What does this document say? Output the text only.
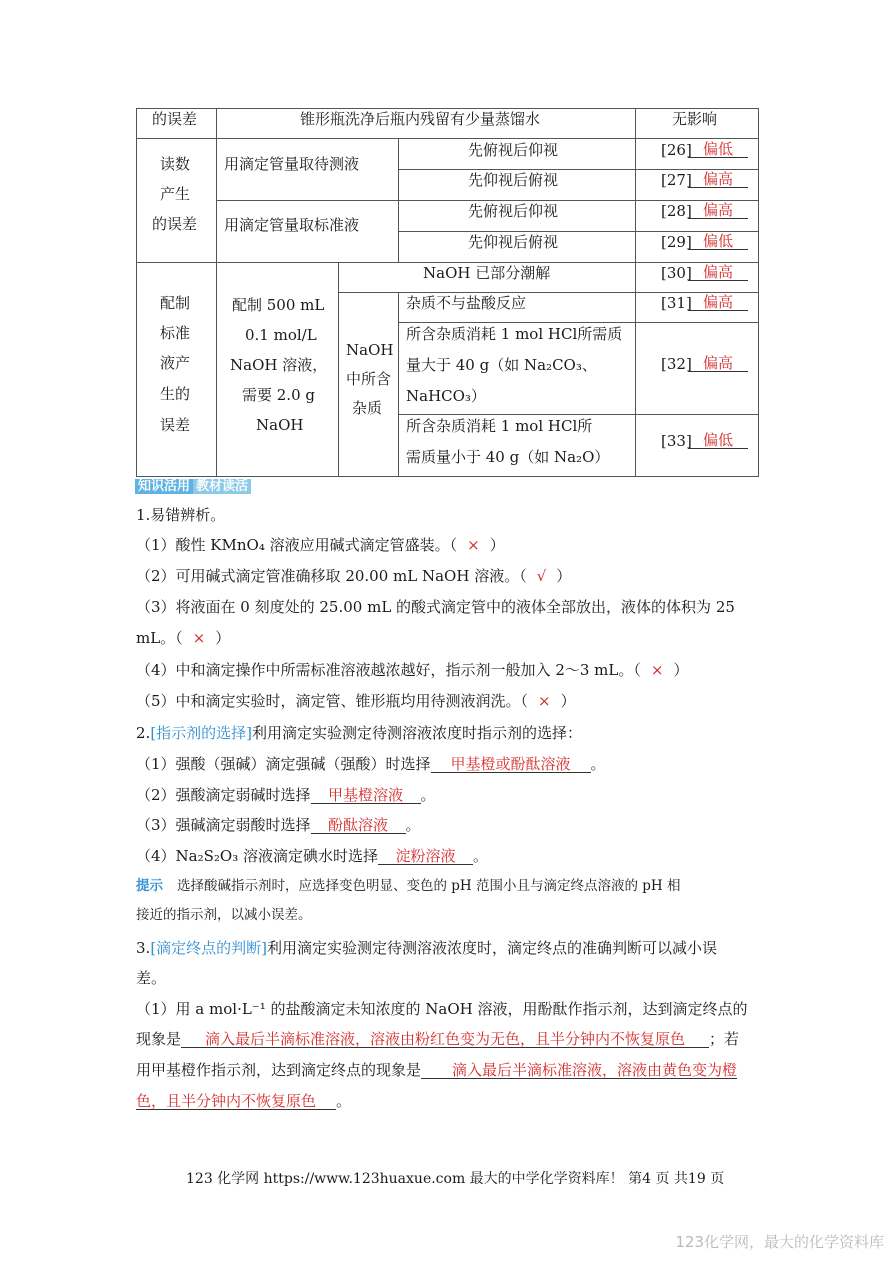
的误差	锥形瓶洗净后瓶内残留有少量蒸馏水	无影响
读数
产生
的误差
用滴定管量取待测液
用滴定管量取标准液
先俯视后仰视
先仰视后俯视
先俯视后仰视
先仰视后俯视
[26] 偏低
[27] 偏高
[28] 偏高
[29] 偏低
配制
标准
液产
生的
误差
配制 500 mL
0.1 mol/L
NaOH 溶液，
需要 2.0 g
NaOH
NaOH
中所含
杂质
NaOH 已部分潮解
杂质不与盐酸反应
所含杂质消耗 1 mol HCl所需质
量大于 40 g（如 Na₂CO₃、
NaHCO₃）
所含杂质消耗 1 mol HCl所
需质量小于 40 g（如 Na₂O）
[30] 偏高
[31] 偏高
[32] 偏高
[33] 偏低
知识活用 教材读活
1.易错辨析。
（1）酸性 KMnO₄ 溶液应用碱式滴定管盛装。（ × ）
（2）可用碱式滴定管准确移取 20.00 mL NaOH 溶液。（ √ ）
（3）将液面在 0 刻度处的 25.00 mL 的酸式滴定管中的液体全部放出，液体的体积为 25
mL。（ × ）
（4）中和滴定操作中所需标准溶液越浓越好，指示剂一般加入 2～3 mL。（ × ）
（5）中和滴定实验时，滴定管、锥形瓶均用待测液润洗。（ × ）
2.[指示剂的选择]利用滴定实验测定待测溶液浓度时指示剂的选择：
（1）强酸（强碱）滴定强碱（强酸）时选择 甲基橙或酚酞溶液 。
（2）强酸滴定弱碱时选择 甲基橙溶液 。
（3）强碱滴定弱酸时选择 酚酞溶液 。
（4）Na₂S₂O₃ 溶液滴定碘水时选择 淀粉溶液 。
提示 选择酸碱指示剂时，应选择变色明显、变色的 pH 范围小且与滴定终点溶液的 pH 相
接近的指示剂，以减小误差。
3.[滴定终点的判断]利用滴定实验测定待测溶液浓度时，滴定终点的准确判断可以减小误
差。
（1）用 a mol·L⁻¹ 的盐酸滴定未知浓度的 NaOH 溶液，用酚酞作指示剂，达到滴定终点的
现象是 滴入最后半滴标准溶液，溶液由粉红色变为无色，且半分钟内不恢复原色 ；若
用甲基橙作指示剂，达到滴定终点的现象是 滴入最后半滴标准溶液，溶液由黄色变为橙
色，且半分钟内不恢复原色 。
123 化学网 https://www.123huaxue.com 最大的中学化学资料库！ 第4 页 共19 页
123化学网，最大的化学资料库
